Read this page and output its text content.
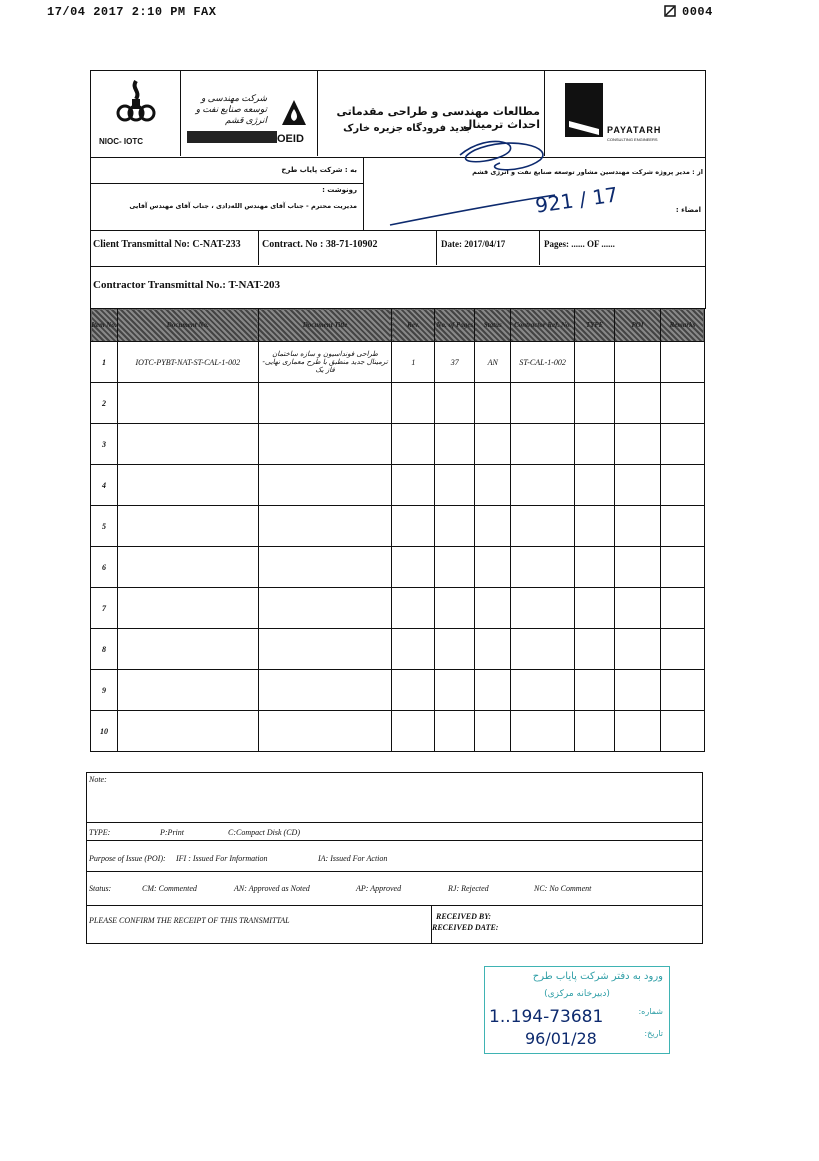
17/04 2017 2:10 PM FAX	0004
NIOC- IOTC
شرکت مهندسی و توسعه صنایع نفت و انرژی قشم
OEID
مطالعات مهندسی و طراحی مقدماتی احداث ترمینال
جدید فرودگاه جزیره خارک	PAYATARH
CONSULTING ENGINEERS
به : شرکت پایاب طرح
رونوشت :
مدیریت محترم - جناب آقای مهندس الله‌دادی ، جناب آقای مهندس آقایی
از : مدیر پروژه شرکت مهندسین مشاور توسعه صنایع نفت و انرژی قشم
امضاء :
921 / 17
Client Transmittal No: C-NAT-233 Contract. No : 38-71-10902	Date: 2017/04/17	Pages: ...... OF ......
Contractor Transmittal No.: T-NAT-203
Item No.	Document No.	Document Title	Rev.	No. of Pages	Status	Contractor Ref. No.	TYPE	POI	Remarks
1	IOTC-PYBT-NAT-ST-CAL-1-002	طراحی فونداسیون و سازه ساختمان ترمینال جدید منطبق با طرح معماری نهایی-فاز یک	1	37	AN	ST-CAL-1-002			
2									
3									
4									
5									
6									
7									
8									
9									
10									
Note:
TYPE:	P:Print	C:Compact Disk (CD)
Purpose of Issue (POI): IFI : Issued For Information	IA: Issued For Action
Status:	CM: Commented	AN: Approved as Noted	AP: Approved	RJ: Rejected	NC: No Comment
PLEASE CONFIRM THE RECEIPT OF THIS TRANSMITTAL	RECEIVED BY:
RECEIVED DATE:
ورود به دفتر شرکت پایاب طرح
(دبیرخانه مرکزی)
شماره:
تاریخ:
1..194-73681
96/01/28
